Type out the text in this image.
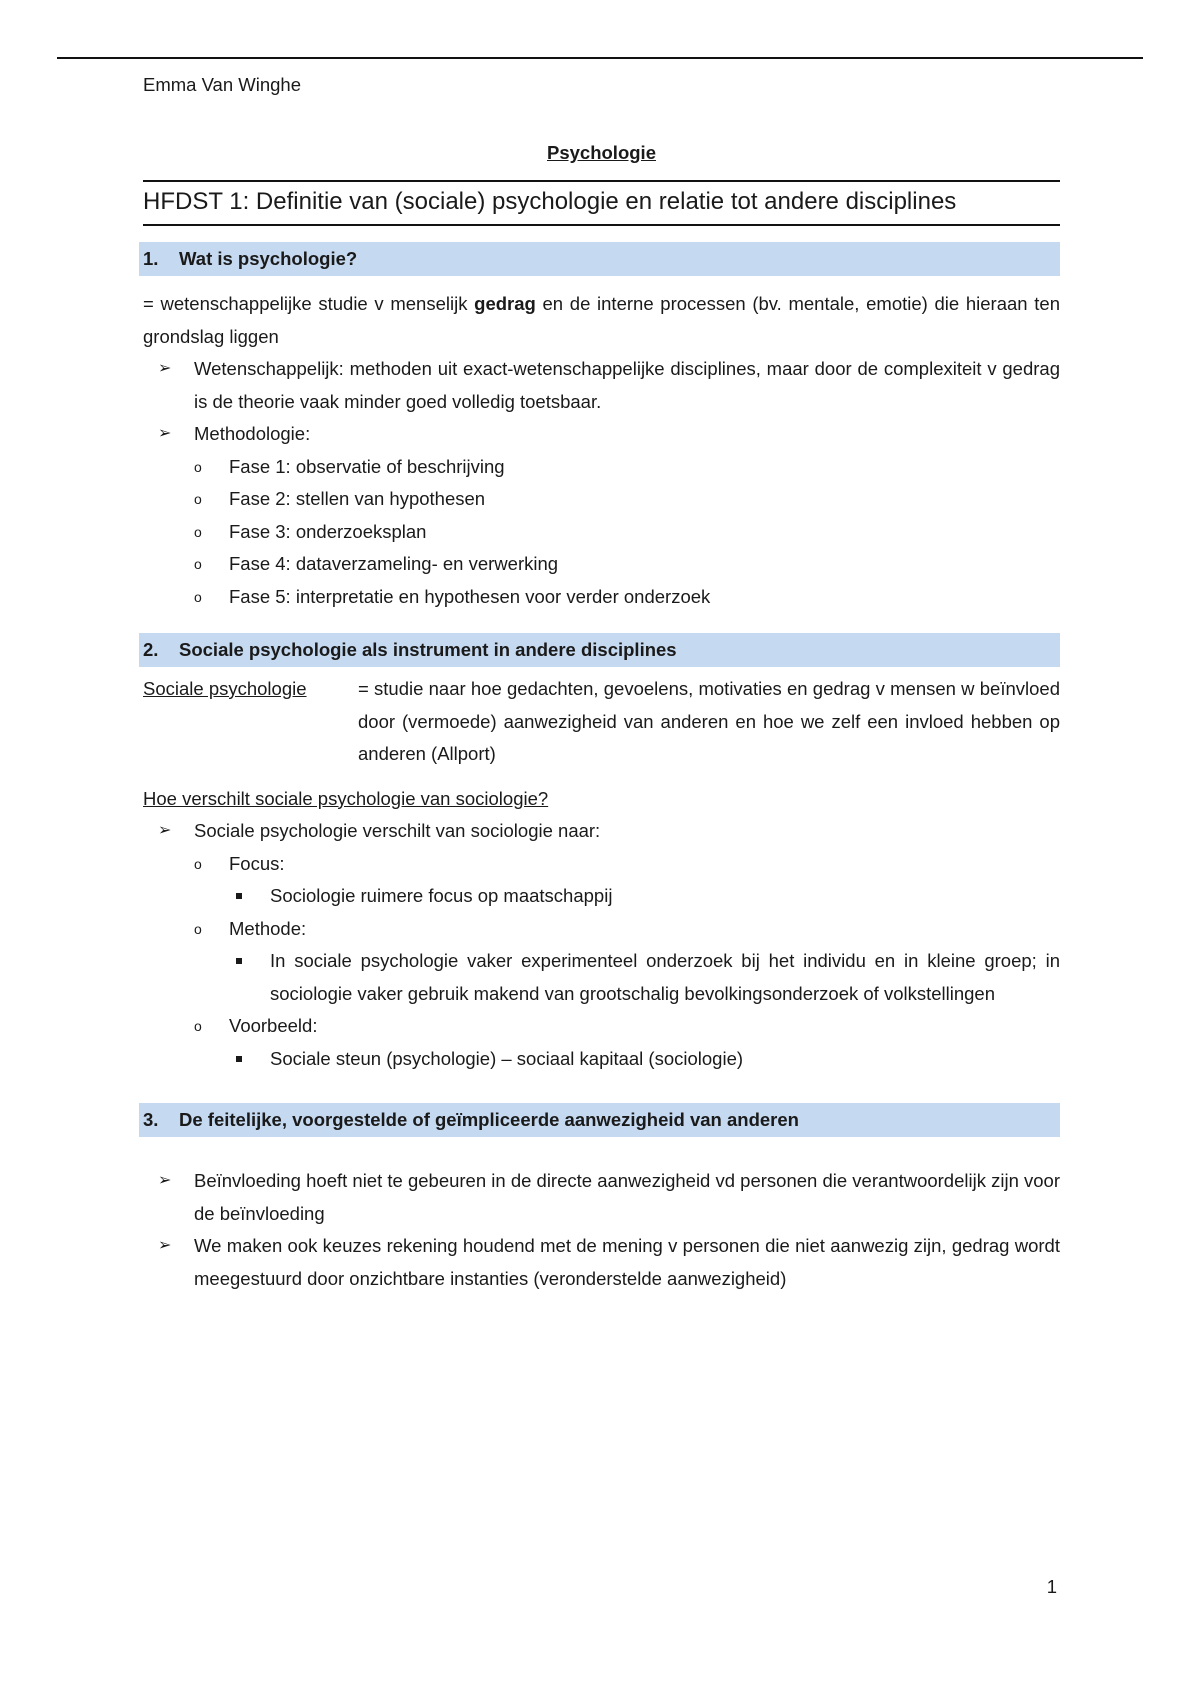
Emma Van Winghe
Psychologie
HFDST 1: Definitie van (sociale) psychologie en relatie tot andere disciplines
1. Wat is psychologie?
= wetenschappelijke studie v menselijk gedrag en de interne processen (bv. mentale, emotie) die hieraan ten grondslag liggen
➢ Wetenschappelijk: methoden uit exact-wetenschappelijke disciplines, maar door de complexiteit v gedrag is de theorie vaak minder goed volledig toetsbaar.
➢ Methodologie:
o Fase 1: observatie of beschrijving
o Fase 2: stellen van hypothesen
o Fase 3: onderzoeksplan
o Fase 4: dataverzameling- en verwerking
o Fase 5: interpretatie en hypothesen voor verder onderzoek
2. Sociale psychologie als instrument in andere disciplines
Sociale psychologie	= studie naar hoe gedachten, gevoelens, motivaties en gedrag v mensen w beïnvloed door (vermoede) aanwezigheid van anderen en hoe we zelf een invloed hebben op anderen (Allport)
Hoe verschilt sociale psychologie van sociologie?
➢ Sociale psychologie verschilt van sociologie naar:
o Focus:
Sociologie ruimere focus op maatschappij
o Methode:
In sociale psychologie vaker experimenteel onderzoek bij het individu en in kleine groep; in sociologie vaker gebruik makend van grootschalig bevolkingsonderzoek of volkstellingen
o Voorbeeld:
Sociale steun (psychologie) – sociaal kapitaal (sociologie)
3. De feitelijke, voorgestelde of geïmpliceerde aanwezigheid van anderen
➢ Beïnvloeding hoeft niet te gebeuren in de directe aanwezigheid vd personen die verantwoordelijk zijn voor de beïnvloeding
➢ We maken ook keuzes rekening houdend met de mening v personen die niet aanwezig zijn, gedrag wordt meegestuurd door onzichtbare instanties (veronderstelde aanwezigheid)
1
